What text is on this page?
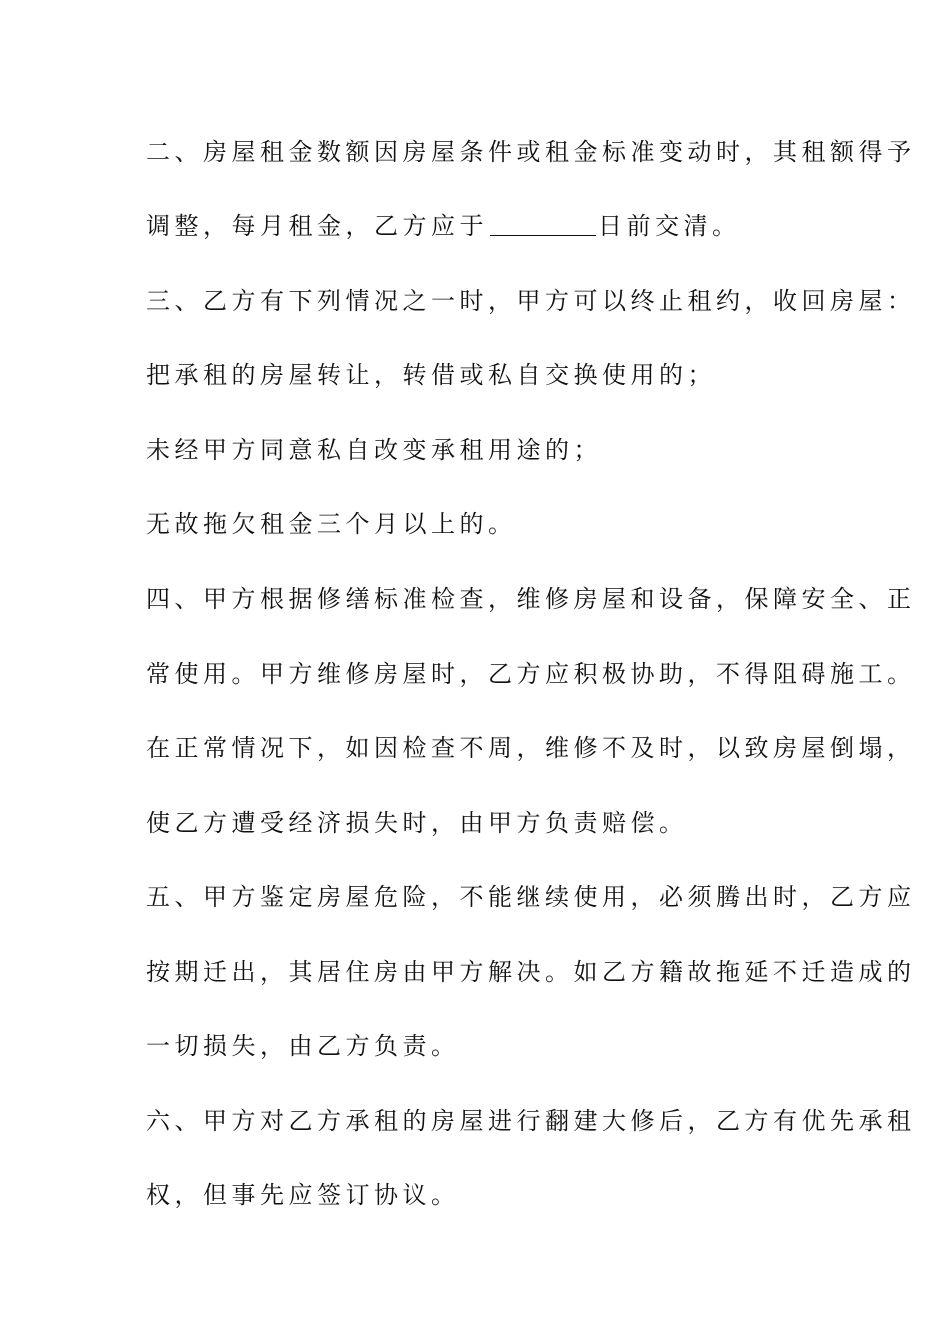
二、房屋租金数额因房屋条件或租金标准变动时，其租额得予
调整，每月租金，乙方应于	日前交清。
三、乙方有下列情况之一时，甲方可以终止租约，收回房屋：
把承租的房屋转让，转借或私自交换使用的；
未经甲方同意私自改变承租用途的；
无故拖欠租金三个月以上的。
四、甲方根据修缮标准检查，维修房屋和设备，保障安全、正
常使用。甲方维修房屋时，乙方应积极协助，不得阻碍施工。
在正常情况下，如因检查不周，维修不及时，以致房屋倒塌，
使乙方遭受经济损失时，由甲方负责赔偿。
五、甲方鉴定房屋危险，不能继续使用，必须腾出时，乙方应
按期迁出，其居住房由甲方解决。如乙方籍故拖延不迁造成的
一切损失，由乙方负责。
六、甲方对乙方承租的房屋进行翻建大修后，乙方有优先承租
权，但事先应签订协议。
